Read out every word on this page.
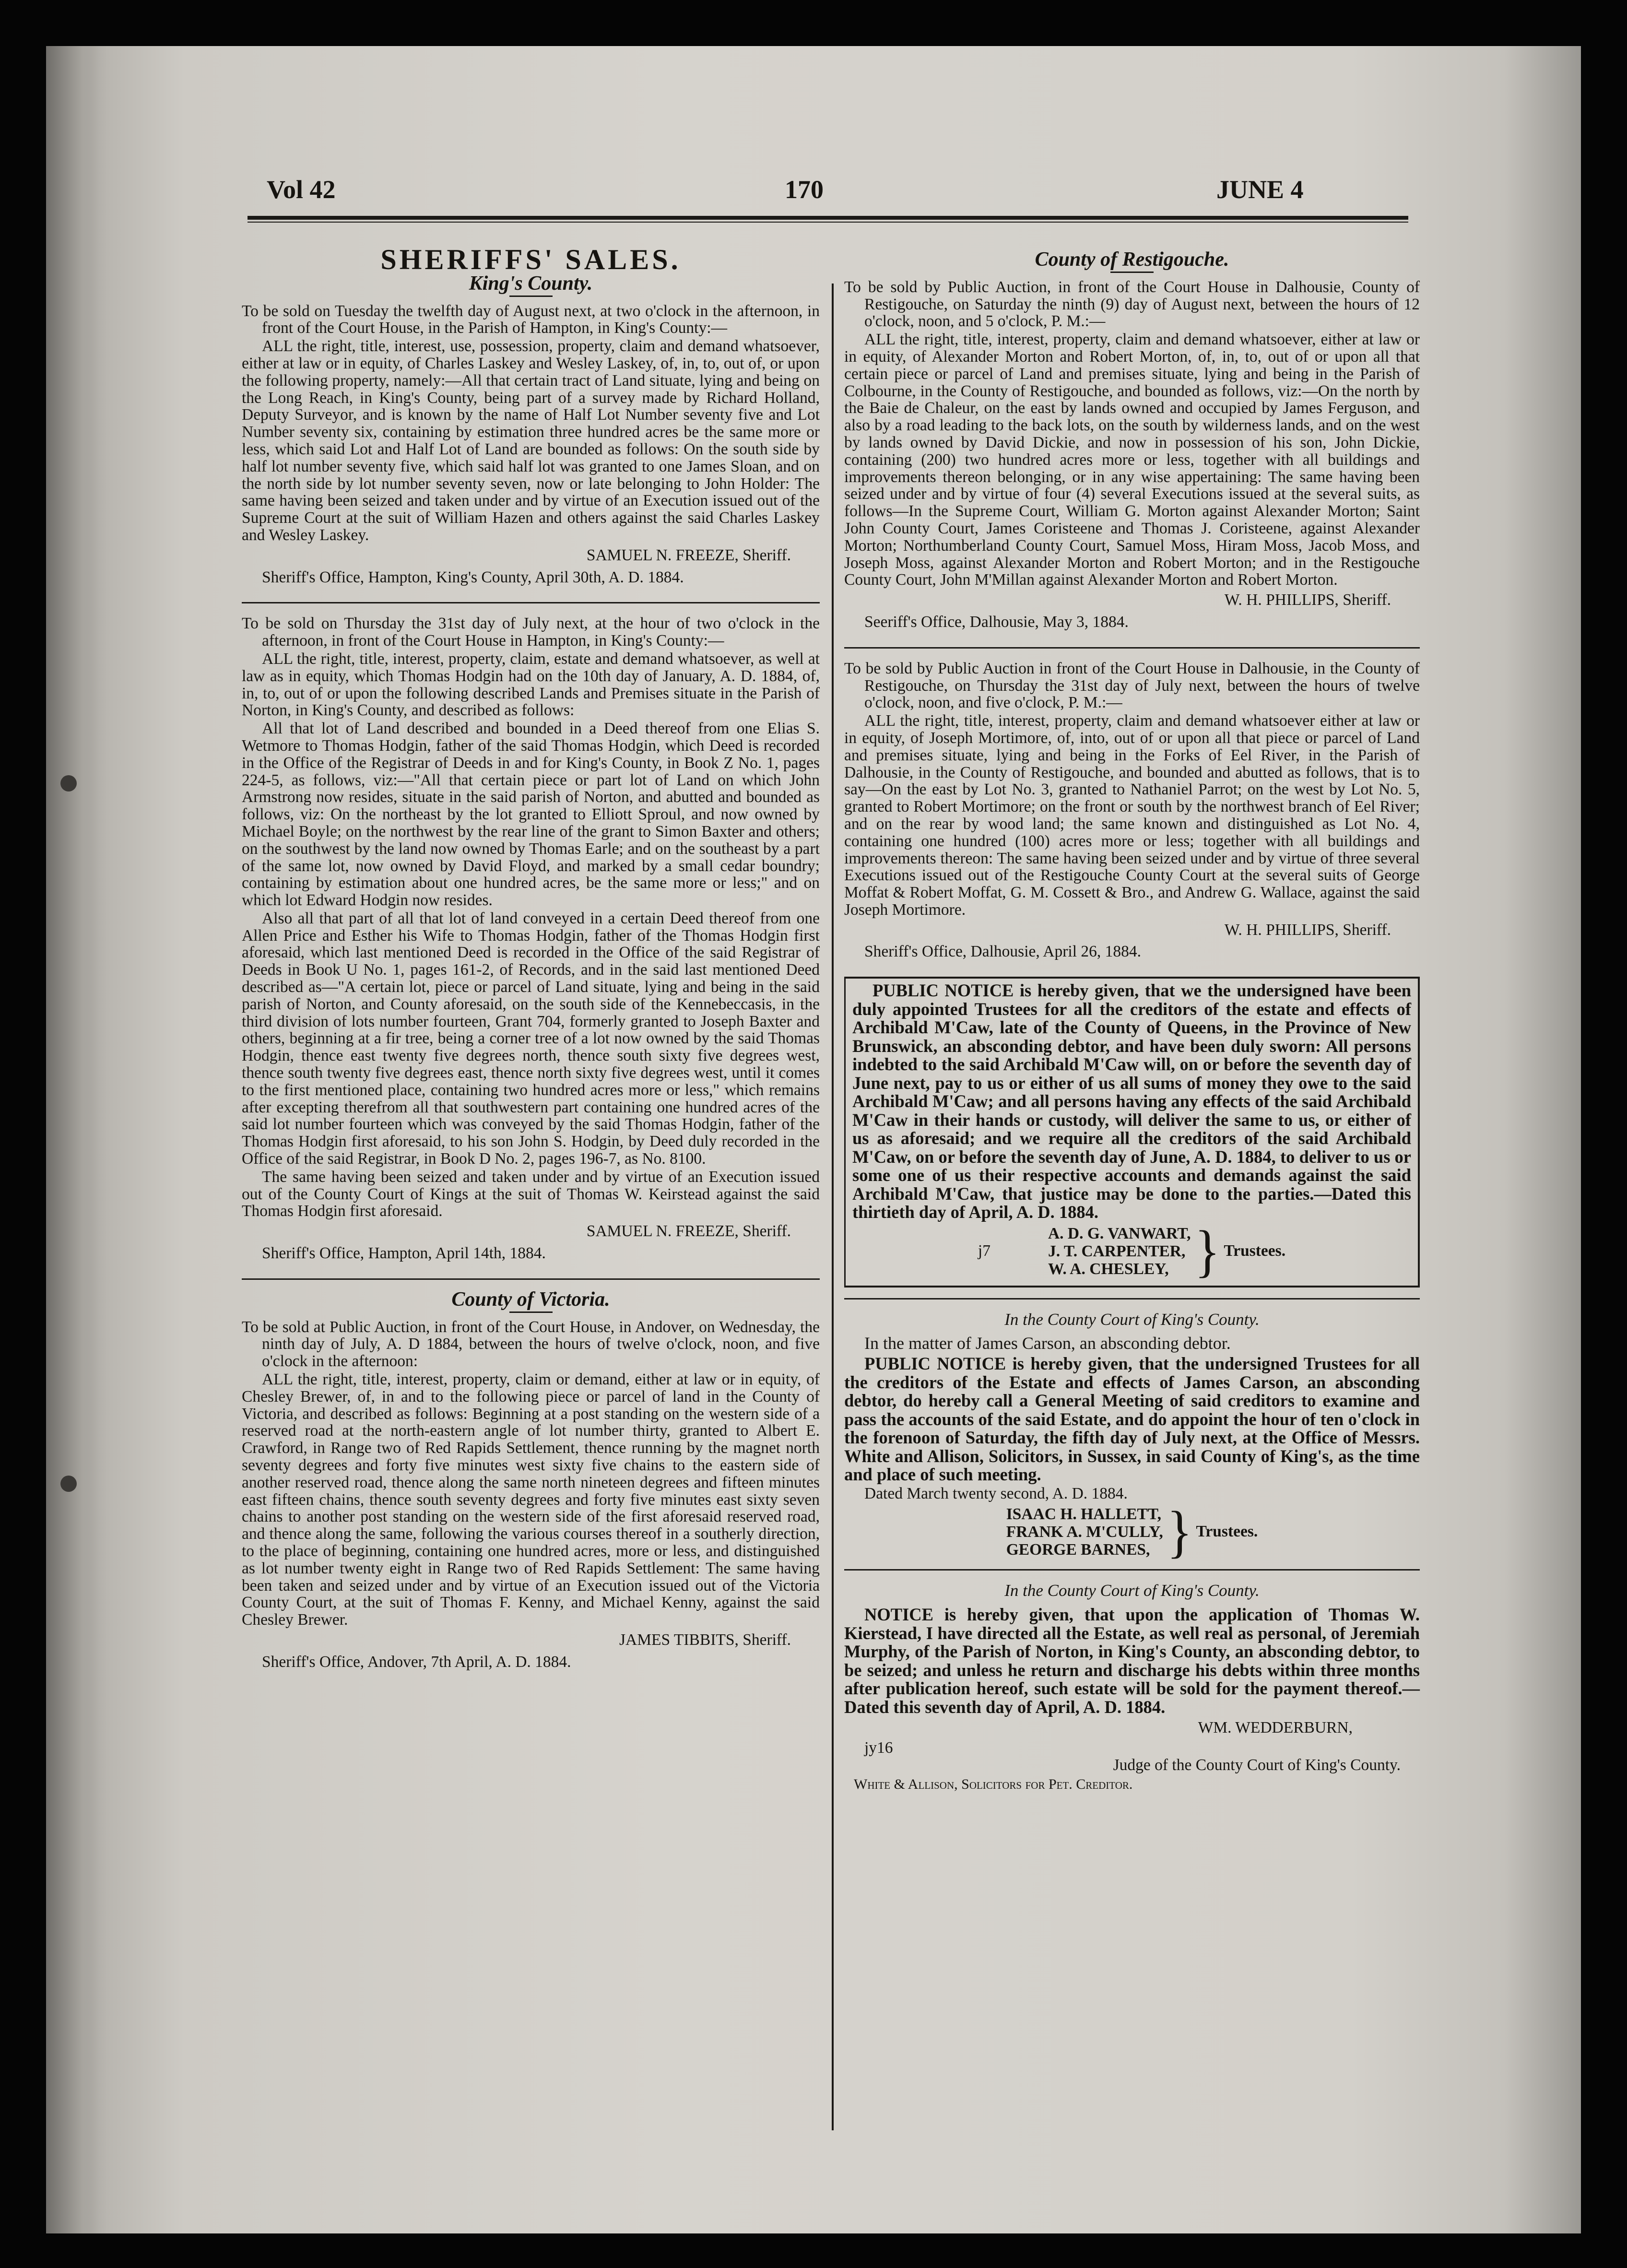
Vol 42	170	JUNE 4
SHERIFFS' SALES.
King's County.

To be sold on Tuesday the twelfth day of August next, at two o'clock in the afternoon, in front of the Court House, in the Parish of Hampton, in King's County:—

ALL the right, title, interest, use, possession, property, claim and demand whatsoever, either at law or in equity, of Charles Laskey and Wesley Laskey, of, in, to, out of, or upon the following property, namely:—All that certain tract of Land situate, lying and being on the Long Reach, in King's County, being part of a survey made by Richard Holland, Deputy Surveyor, and is known by the name of Half Lot Number seventy five and Lot Number seventy six, containing by estimation three hundred acres be the same more or less, which said Lot and Half Lot of Land are bounded as follows: On the south side by half lot number seventy five, which said half lot was granted to one James Sloan, and on the north side by lot number seventy seven, now or late belonging to John Holder: The same having been seized and taken under and by virtue of an Execution issued out of the Supreme Court at the suit of William Hazen and others against the said Charles Laskey and Wesley Laskey.

SAMUEL N. FREEZE, Sheriff.

Sheriff's Office, Hampton, King's County, April 30th, A. D. 1884.

To be sold on Thursday the 31st day of July next, at the hour of two o'clock in the afternoon, in front of the Court House in Hampton, in King's County:—

ALL the right, title, interest, property, claim, estate and demand whatsoever, as well at law as in equity, which Thomas Hodgin had on the 10th day of January, A. D. 1884, of, in, to, out of or upon the following described Lands and Premises situate in the Parish of Norton, in King's County, and described as follows:

All that lot of Land described and bounded in a Deed thereof from one Elias S. Wetmore to Thomas Hodgin, father of the said Thomas Hodgin, which Deed is recorded in the Office of the Registrar of Deeds in and for King's County, in Book Z No. 1, pages 224-5, as follows, viz:—"All that certain piece or part lot of Land on which John Armstrong now resides, situate in the said parish of Norton, and abutted and bounded as follows, viz: On the northeast by the lot granted to Elliott Sproul, and now owned by Michael Boyle; on the northwest by the rear line of the grant to Simon Baxter and others; on the southwest by the land now owned by Thomas Earle; and on the southeast by a part of the same lot, now owned by David Floyd, and marked by a small cedar boundry; containing by estimation about one hundred acres, be the same more or less;" and on which lot Edward Hodgin now resides.

Also all that part of all that lot of land conveyed in a certain Deed thereof from one Allen Price and Esther his Wife to Thomas Hodgin, father of the Thomas Hodgin first aforesaid, which last mentioned Deed is recorded in the Office of the said Registrar of Deeds in Book U No. 1, pages 161-2, of Records, and in the said last mentioned Deed described as—"A certain lot, piece or parcel of Land situate, lying and being in the said parish of Norton, and County aforesaid, on the south side of the Kennebeccasis, in the third division of lots number fourteen, Grant 704, formerly granted to Joseph Baxter and others, beginning at a fir tree, being a corner tree of a lot now owned by the said Thomas Hodgin, thence east twenty five degrees north, thence south sixty five degrees west, thence south twenty five degrees east, thence north sixty five degrees west, until it comes to the first mentioned place, containing two hundred acres more or less," which remains after excepting therefrom all that southwestern part containing one hundred acres of the said lot number fourteen which was conveyed by the said Thomas Hodgin, father of the Thomas Hodgin first aforesaid, to his son John S. Hodgin, by Deed duly recorded in the Office of the said Registrar, in Book D No. 2, pages 196-7, as No. 8100.

The same having been seized and taken under and by virtue of an Execution issued out of the County Court of Kings at the suit of Thomas W. Keirstead against the said Thomas Hodgin first aforesaid.

SAMUEL N. FREEZE, Sheriff.

Sheriff's Office, Hampton, April 14th, 1884.

County of Victoria.

To be sold at Public Auction, in front of the Court House, in Andover, on Wednesday, the ninth day of July, A. D 1884, between the hours of twelve o'clock, noon, and five o'clock in the afternoon:

ALL the right, title, interest, property, claim or demand, either at law or in equity, of Chesley Brewer, of, in and to the following piece or parcel of land in the County of Victoria, and described as follows: Beginning at a post standing on the western side of a reserved road at the north-eastern angle of lot number thirty, granted to Albert E. Crawford, in Range two of Red Rapids Settlement, thence running by the magnet north seventy degrees and forty five minutes west sixty five chains to the eastern side of another reserved road, thence along the same north nineteen degrees and fifteen minutes east fifteen chains, thence south seventy degrees and forty five minutes east sixty seven chains to another post standing on the western side of the first aforesaid reserved road, and thence along the same, following the various courses thereof in a southerly direction, to the place of beginning, containing one hundred acres, more or less, and distinguished as lot number twenty eight in Range two of Red Rapids Settlement: The same having been taken and seized under and by virtue of an Execution issued out of the Victoria County Court, at the suit of Thomas F. Kenny, and Michael Kenny, against the said Chesley Brewer.

JAMES TIBBITS, Sheriff.

Sheriff's Office, Andover, 7th April, A. D. 1884.

County of Restigouche.

To be sold by Public Auction, in front of the Court House in Dalhousie, County of Restigouche, on Saturday the ninth (9) day of August next, between the hours of 12 o'clock, noon, and 5 o'clock, P. M.:—

ALL the right, title, interest, property, claim and demand whatsoever, either at law or in equity, of Alexander Morton and Robert Morton, of, in, to, out of or upon all that certain piece or parcel of Land and premises situate, lying and being in the Parish of Colbourne, in the County of Restigouche, and bounded as follows, viz:—On the north by the Baie de Chaleur, on the east by lands owned and occupied by James Ferguson, and also by a road leading to the back lots, on the south by wilderness lands, and on the west by lands owned by David Dickie, and now in possession of his son, John Dickie, containing (200) two hundred acres more or less, together with all buildings and improvements thereon belonging, or in any wise appertaining: The same having been seized under and by virtue of four (4) several Executions issued at the several suits, as follows—In the Supreme Court, William G. Morton against Alexander Morton; Saint John County Court, James Coristeene and Thomas J. Coristeene, against Alexander Morton; Northumberland County Court, Samuel Moss, Hiram Moss, Jacob Moss, and Joseph Moss, against Alexander Morton and Robert Morton; and in the Restigouche County Court, John M'Millan against Alexander Morton and Robert Morton.

W. H. PHILLIPS, Sheriff.

Seeriff's Office, Dalhousie, May 3, 1884.

To be sold by Public Auction in front of the Court House in Dalhousie, in the County of Restigouche, on Thursday the 31st day of July next, between the hours of twelve o'clock, noon, and five o'clock, P. M.:—

ALL the right, title, interest, property, claim and demand whatsoever either at law or in equity, of Joseph Mortimore, of, into, out of or upon all that piece or parcel of Land and premises situate, lying and being in the Forks of Eel River, in the Parish of Dalhousie, in the County of Restigouche, and bounded and abutted as follows, that is to say—On the east by Lot No. 3, granted to Nathaniel Parrot; on the west by Lot No. 5, granted to Robert Mortimore; on the front or south by the northwest branch of Eel River; and on the rear by wood land; the same known and distinguished as Lot No. 4, containing one hundred (100) acres more or less; together with all buildings and improvements thereon: The same having been seized under and by virtue of three several Executions issued out of the Restigouche County Court at the several suits of George Moffat & Robert Moffat, G. M. Cossett & Bro., and Andrew G. Wallace, against the said Joseph Mortimore.

W. H. PHILLIPS, Sheriff.

Sheriff's Office, Dalhousie, April 26, 1884.

PUBLIC NOTICE is hereby given, that we the undersigned have been duly appointed Trustees for all the creditors of the estate and effects of Archibald M'Caw, late of the County of Queens, in the Province of New Brunswick, an absconding debtor, and have been duly sworn: All persons indebted to the said Archibald M'Caw will, on or before the seventh day of June next, pay to us or either of us all sums of money they owe to the said Archibald M'Caw; and all persons having any effects of the said Archibald M'Caw in their hands or custody, will deliver the same to us, or either of us as aforesaid; and we require all the creditors of the said Archibald M'Caw, on or before the seventh day of June, A. D. 1884, to deliver to us or some one of us their respective accounts and demands against the said Archibald M'Caw, that justice may be done to the parties.—Dated this thirtieth day of April, A. D. 1884.

j7
A. D. G. VANWART,
J. T. CARPENTER,
W. A. CHESLEY, } Trustees.

In the County Court of King's County.

In the matter of James Carson, an absconding debtor.

PUBLIC NOTICE is hereby given, that the undersigned Trustees for all the creditors of the Estate and effects of James Carson, an absconding debtor, do hereby call a General Meeting of said creditors to examine and pass the accounts of the said Estate, and do appoint the hour of ten o'clock in the forenoon of Saturday, the fifth day of July next, at the Office of Messrs. White and Allison, Solicitors, in Sussex, in said County of King's, as the time and place of such meeting.

Dated March twenty second, A. D. 1884.

ISAAC H. HALLETT,
FRANK A. M'CULLY,
GEORGE BARNES, } Trustees.

In the County Court of King's County.

NOTICE is hereby given, that upon the application of Thomas W. Kierstead, I have directed all the Estate, as well real as personal, of Jeremiah Murphy, of the Parish of Norton, in King's County, an absconding debtor, to be seized; and unless he return and discharge his debts within three months after publication hereof, such estate will be sold for the payment thereof.—Dated this seventh day of April, A. D. 1884.

WM. WEDDERBURN,

jy16

Judge of the County Court of King's County.

White & Allison, Solicitors for Pet. Creditor.
